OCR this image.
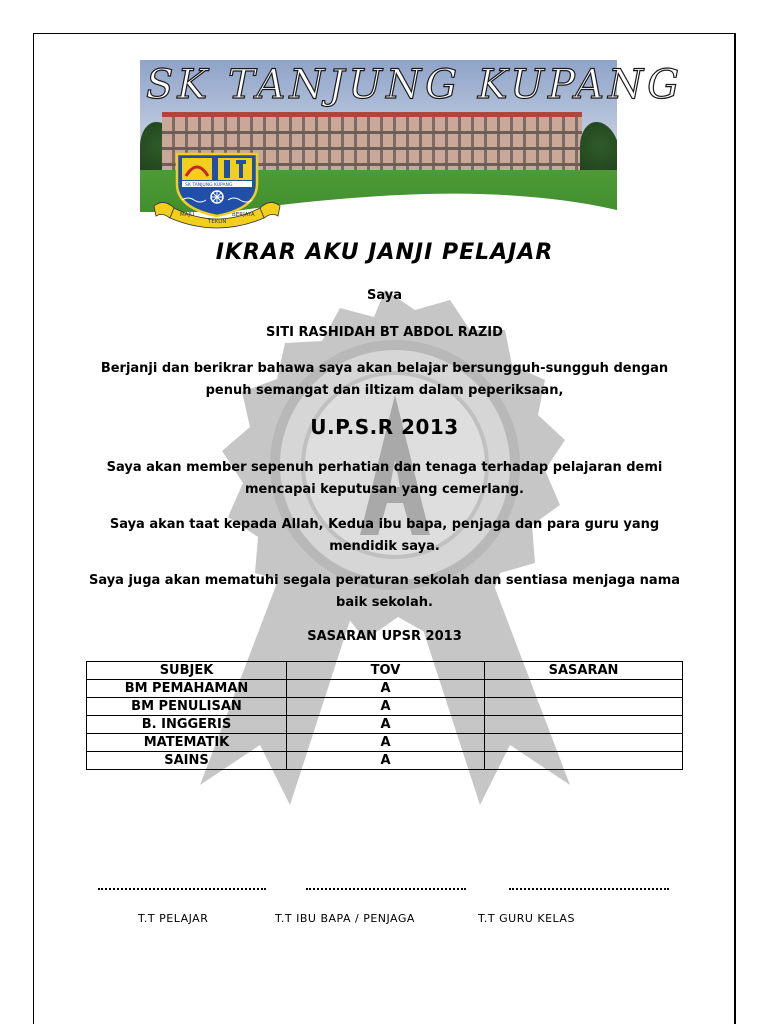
SK TANJUNG KUPANG
MAJU
TEKUN
BERJAYA
SK TANJUNG KUPANG
IKRAR AKU JANJI PELAJAR
Saya
SITI RASHIDAH BT ABDOL RAZID
Berjanji dan berikrar bahawa saya akan belajar bersungguh-sungguh dengan penuh semangat dan iltizam dalam peperiksaan,
U.P.S.R 2013
Saya akan member sepenuh perhatian dan tenaga terhadap pelajaran demi mencapai keputusan yang cemerlang.
Saya akan taat kepada Allah, Kedua ibu bapa, penjaga dan para guru yang mendidik saya.
Saya juga akan mematuhi segala peraturan sekolah dan sentiasa menjaga nama baik sekolah.
SASARAN UPSR 2013
SUBJEK	TOV	SASARAN
BM PEMAHAMAN	A	
BM PENULISAN	A	
B. INGGERIS	A	
MATEMATIK	A	
SAINS	A	
T.T PELAJAR	T.T IBU BAPA / PENJAGA	T.T GURU KELAS
